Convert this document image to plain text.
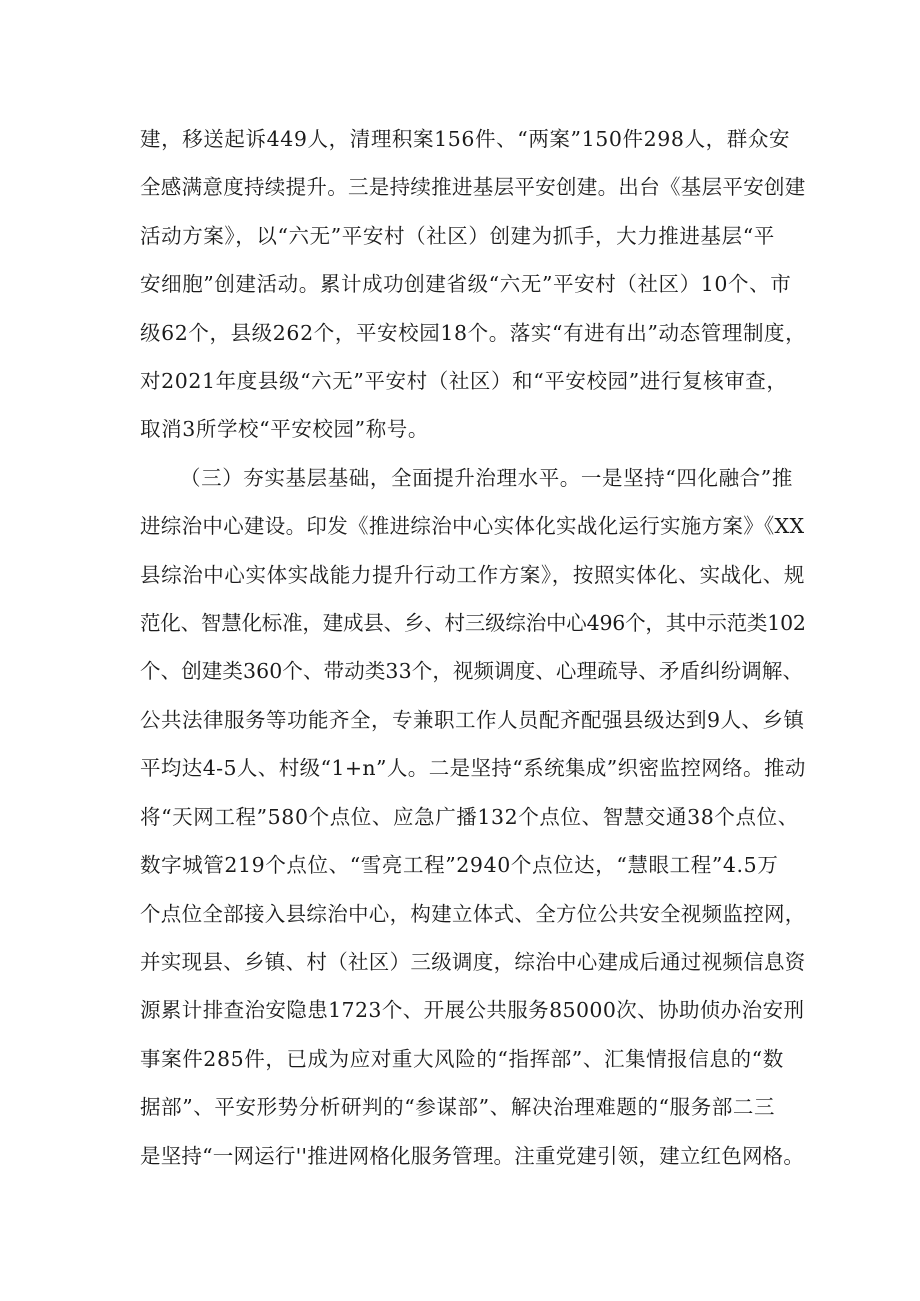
建，移送起诉449人，清理积案156件、“两案”150件298人，群众安
全感满意度持续提升。三是持续推进基层平安创建。出台《基层平安创建
活动方案》，以“六无”平安村（社区）创建为抓手，大力推进基层“平
安细胞”创建活动。累计成功创建省级“六无”平安村（社区）10个、市
级62个，县级262个，平安校园18个。落实“有进有出”动态管理制度，
对2021年度县级“六无”平安村（社区）和“平安校园”进行复核审查，
取消3所学校“平安校园”称号。
（三）夯实基层基础，全面提升治理水平。一是坚持“四化融合”推
进综治中心建设。印发《推进综治中心实体化实战化运行实施方案》《XX
县综治中心实体实战能力提升行动工作方案》，按照实体化、实战化、规
范化、智慧化标准，建成县、乡、村三级综治中心496个，其中示范类102
个、创建类360个、带动类33个，视频调度、心理疏导、矛盾纠纷调解、
公共法律服务等功能齐全，专兼职工作人员配齐配强县级达到9人、乡镇
平均达4-5人、村级“1+n”人。二是坚持“系统集成”织密监控网络。推动
将“天网工程”580个点位、应急广播132个点位、智慧交通38个点位、
数字城管219个点位、“雪亮工程”2940个点位达，“慧眼工程”4.5万
个点位全部接入县综治中心，构建立体式、全方位公共安全视频监控网，
并实现县、乡镇、村（社区）三级调度，综治中心建成后通过视频信息资
源累计排查治安隐患1723个、开展公共服务85000次、协助侦办治安刑
事案件285件，已成为应对重大风险的“指挥部”、汇集情报信息的“数
据部”、平安形势分析研判的“参谋部”、解决治理难题的“服务部二三
是坚持“一网运行''推进网格化服务管理。注重党建引领，建立红色网格。
